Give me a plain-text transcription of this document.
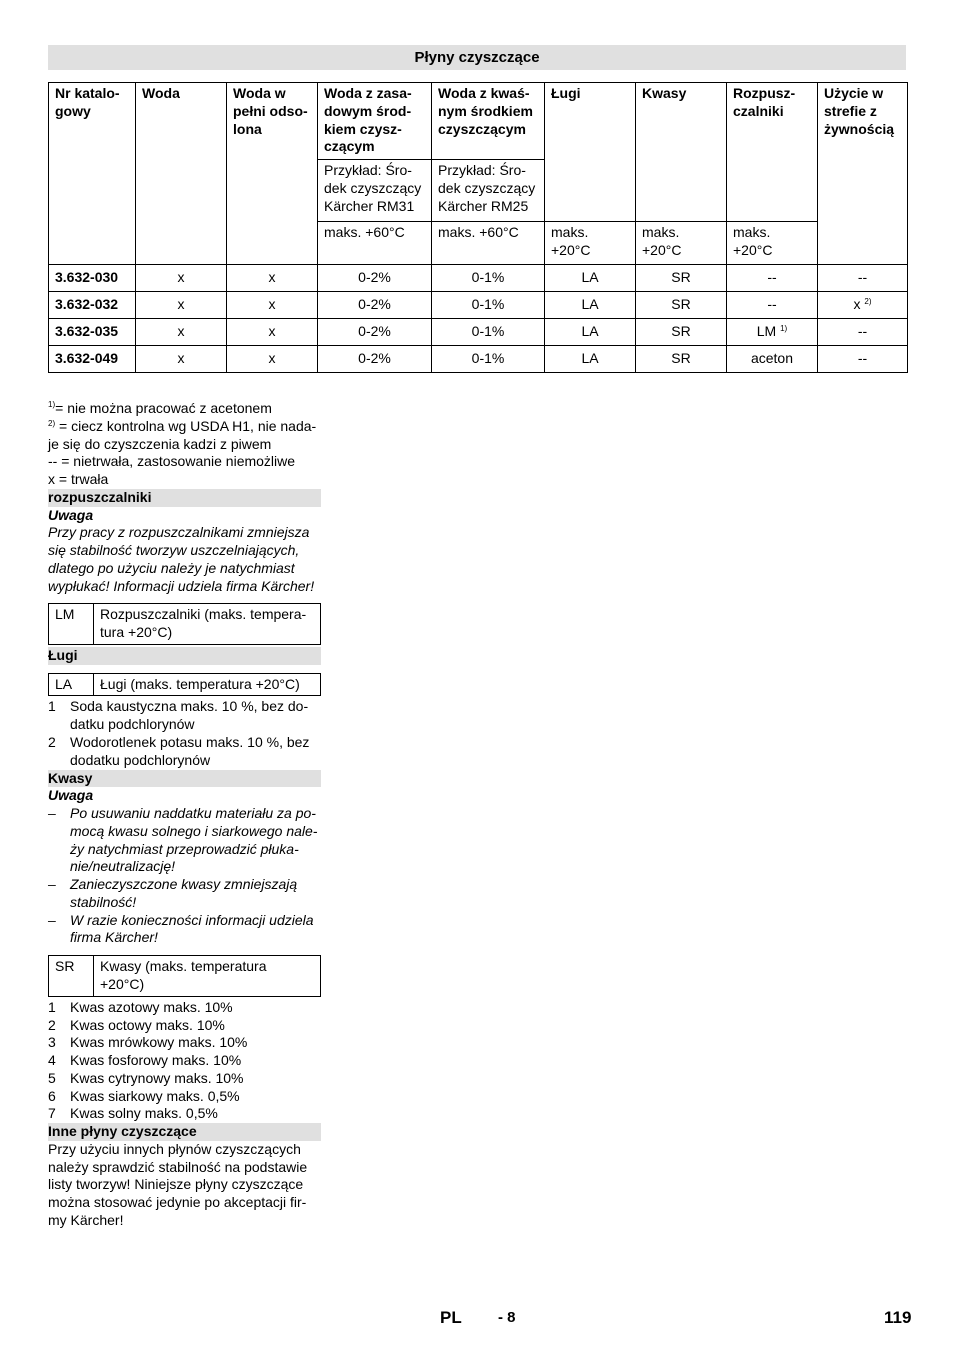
Płyny czyszczące
Nr katalo-gowy	Woda	Woda w pełni odso-lona	Woda z zasa-dowym środ-kiem czysz-czącym	Woda z kwaś-nym środkiem czyszczącym	Ługi	Kwasy	Rozpusz-czalniki	Użycie w strefie z żywnością
			Przykład: Śro-dek czyszczący Kärcher RM31	Przykład: Śro-dek czyszczący Kärcher RM25				
			maks. +60°C	maks. +60°C	maks. +20°C	maks. +20°C	maks. +20°C	
3.632-030	x	x	0-2%	0-1%	LA	SR	--	--
3.632-032	x	x	0-2%	0-1%	LA	SR	--	x $^{2)}$
3.632-035	x	x	0-2%	0-1%	LA	SR	LM $^{1)}$	--
3.632-049	x	x	0-2%	0-1%	LA	SR	aceton	--
1) = nie można pracować z acetonem
$^{2)}$ = ciecz kontrolna wg USDA H1, nie nada-je się do czyszczenia kadzi z piwem

-- = nietrwała, zastosowanie niemożliwe

x = trwała

rozpuszczalniki

Uwaga

Przy pracy z rozpuszczalnikami zmniejsza się stabilność tworzyw uszczelniających, dlatego po użyciu należy je natychmiast wypłukać! Informacji udziela firma Kärcher!

LM	Rozpuszczalniki (maks. tempera-tura +20°C)

Ługi

LA	Ługi (maks. temperatura +20°C)
1	Soda kaustyczna maks. 10 %, bez do-datku podchlorynów
2	Wodorotlenek potasu maks. 10 %, bez dodatku podchlorynów

Kwasy

Uwaga

–	Po usuwaniu naddatku materiału za po-mocą kwasu solnego i siarkowego nale-ży natychmiast przeprowadzić płuka-nie/neutralizację!
–	Zanieczyszczone kwasy zmniejszają stabilność!
–	W razie konieczności informacji udziela firma Kärcher!
SR	Kwasy (maks. temperatura +20°C)
1	Kwas azotowy maks. 10%
2	Kwas octowy maks. 10%
3	Kwas mrówkowy maks. 10%
4	Kwas fosforowy maks. 10%
5	Kwas cytrynowy maks. 10%
6	Kwas siarkowy maks. 0,5%
7	Kwas solny maks. 0,5%

Inne płyny czyszczące

Przy użyciu innych płynów czyszczących należy sprawdzić stabilność na podstawie listy tworzyw! Niniejsze płyny czyszczące można stosować jedynie po akceptacji fir-my Kärcher!

PL - 8	119
